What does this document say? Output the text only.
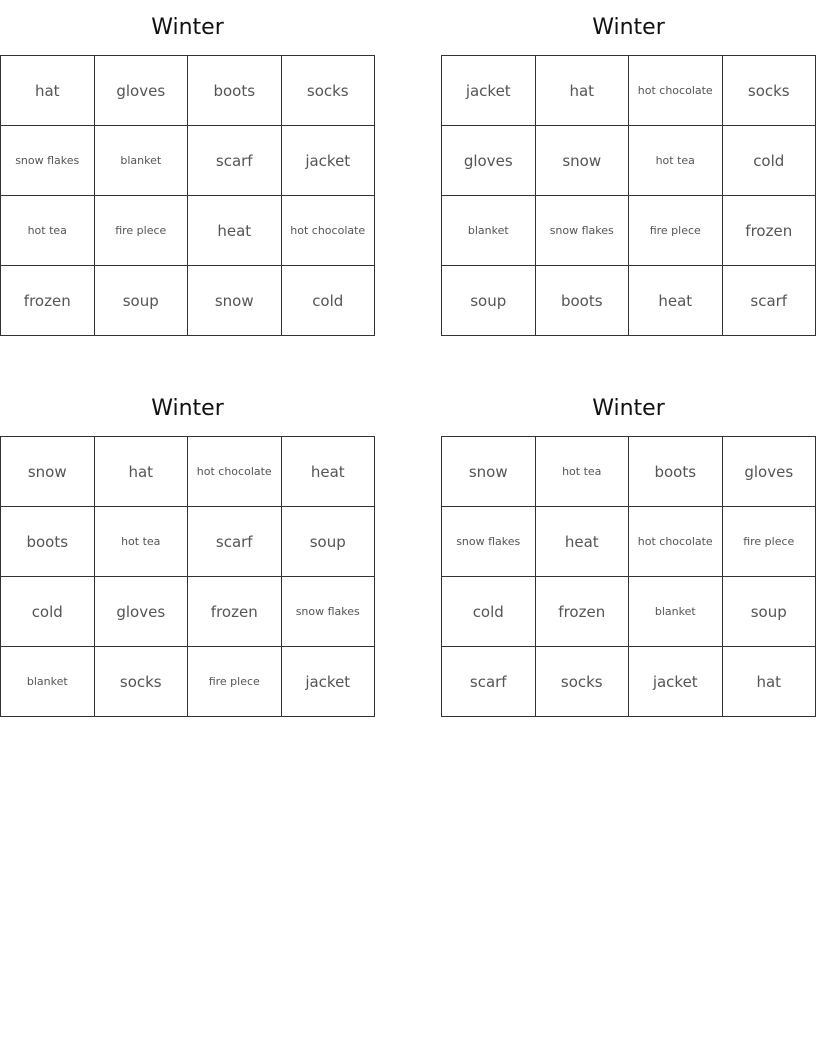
Winter
hat	gloves	boots	socks
snow flakes	blanket	scarf	jacket
hot tea	fire plece	heat	hot chocolate
frozen	soup	snow	cold
Winter
jacket	hat	hot chocolate	socks
gloves	snow	hot tea	cold
blanket	snow flakes	fire plece	frozen
soup	boots	heat	scarf
Winter
snow	hat	hot chocolate	heat
boots	hot tea	scarf	soup
cold	gloves	frozen	snow flakes
blanket	socks	fire plece	jacket
Winter
snow	hot tea	boots	gloves
snow flakes	heat	hot chocolate	fire plece
cold	frozen	blanket	soup
scarf	socks	jacket	hat
